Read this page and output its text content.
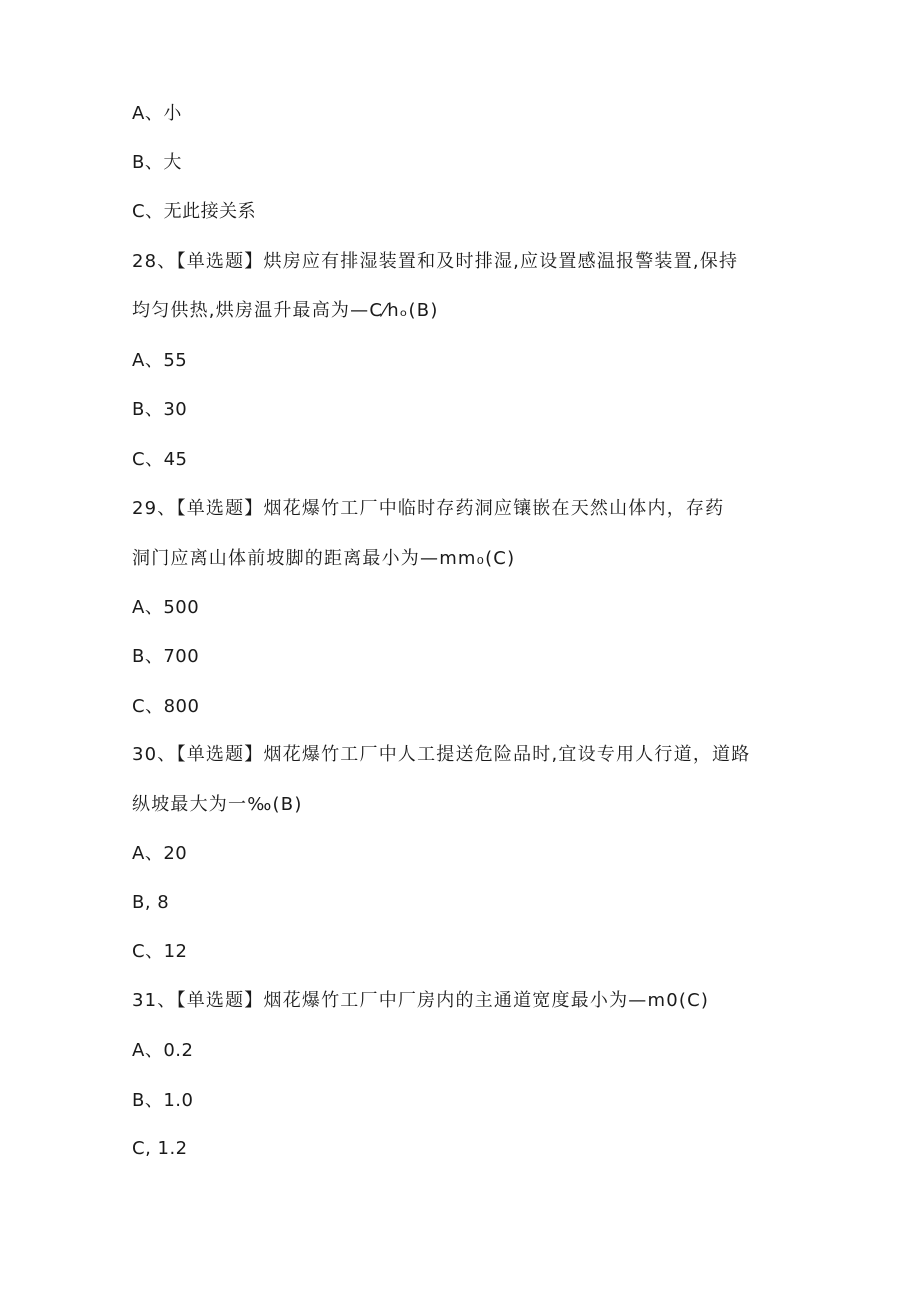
A、小
B、大
C、无此接关系
28、【单选题】烘房应有排湿装置和及时排湿,应设置感温报警装置,保持
均匀供热,烘房温升最高为—C⁄hₒ(B)
A、55
B、30
C、45
29、【单选题】烟花爆竹工厂中临时存药洞应镶嵌在天然山体内，存药
洞门应离山体前坡脚的距离最小为—mm₀(C)
A、500
B、700
C、800
30、【单选题】烟花爆竹工厂中人工提送危险品时,宜设专用人行道，道路
纵坡最大为一‰(B)
A、20
B, 8
C、12
31、【单选题】烟花爆竹工厂中厂房内的主通道宽度最小为—m0(C)
A、0.2
B、1.0
C, 1.2
